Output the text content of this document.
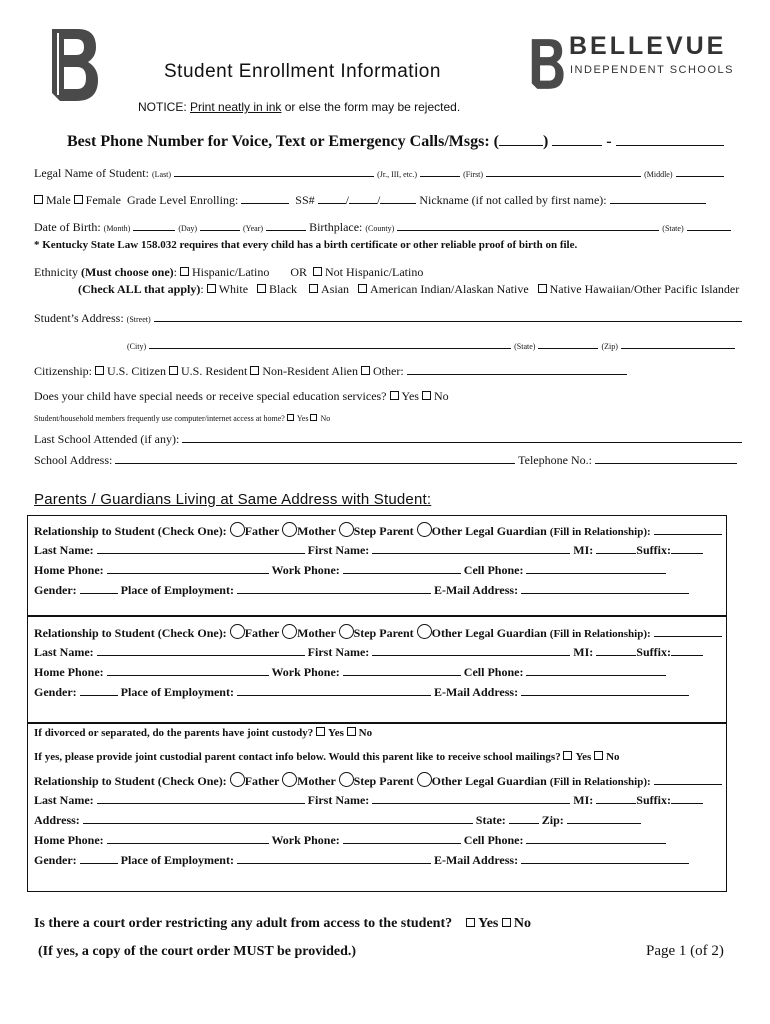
BELLEVUE
INDEPENDENT SCHOOLS
Student Enrollment Information
NOTICE: Print neatly in ink or else the form may be rejected.
Best Phone Number for Voice, Text or Emergency Calls/Msgs: (	)	-
Legal Name of Student: (Last)	(Jr., III, etc.)	(First)	(Middle)
Male Female Grade Level Enrolling:	SS#	/ /	Nickname (if not called by first name):
Date of Birth: (Month)	(Day)	(Year)	Birthplace: (County)	(State)
* Kentucky State Law 158.032 requires that every child has a birth certificate or other reliable proof of birth on file.
Ethnicity (Must choose one): Hispanic/Latino OR Not Hispanic/Latino
(Check ALL that apply): White Black Asian American Indian/Alaskan Native Native Hawaiian/Other Pacific Islander
Student’s Address: (Street)
(City)	(State)	(Zip)
Citizenship: U.S. Citizen U.S. Resident Non-Resident Alien Other:
Does your child have special needs or receive special education services? Yes No
Student/household members frequently use computer/internet access at home? Yes No
Last School Attended (if any):
School Address:	Telephone No.:
Parents / Guardians Living at Same Address with Student:
Relationship to Student (Check One): Father Mother Step Parent Other Legal Guardian (Fill in Relationship):
Last Name:	First Name:	MI:	Suffix:
Home Phone:	Work Phone:	Cell Phone:
Gender:	Place of Employment:	E-Mail Address:
Relationship to Student (Check One): Father Mother Step Parent Other Legal Guardian (Fill in Relationship):
Last Name:	First Name:	MI:	Suffix:
Home Phone:	Work Phone:	Cell Phone:
Gender:	Place of Employment:	E-Mail Address:
If divorced or separated, do the parents have joint custody? Yes No
If yes, please provide joint custodial parent contact info below. Would this parent like to receive school mailings? Yes No
Relationship to Student (Check One): Father Mother Step Parent Other Legal Guardian (Fill in Relationship):
Last Name:	First Name:	MI:	Suffix:
Address:	State:	Zip:
Home Phone:	Work Phone:	Cell Phone:
Gender:	Place of Employment:	E-Mail Address:
Is there a court order restricting any adult from access to the student? Yes No
(If yes, a copy of the court order MUST be provided.)	Page 1 (of 2)
